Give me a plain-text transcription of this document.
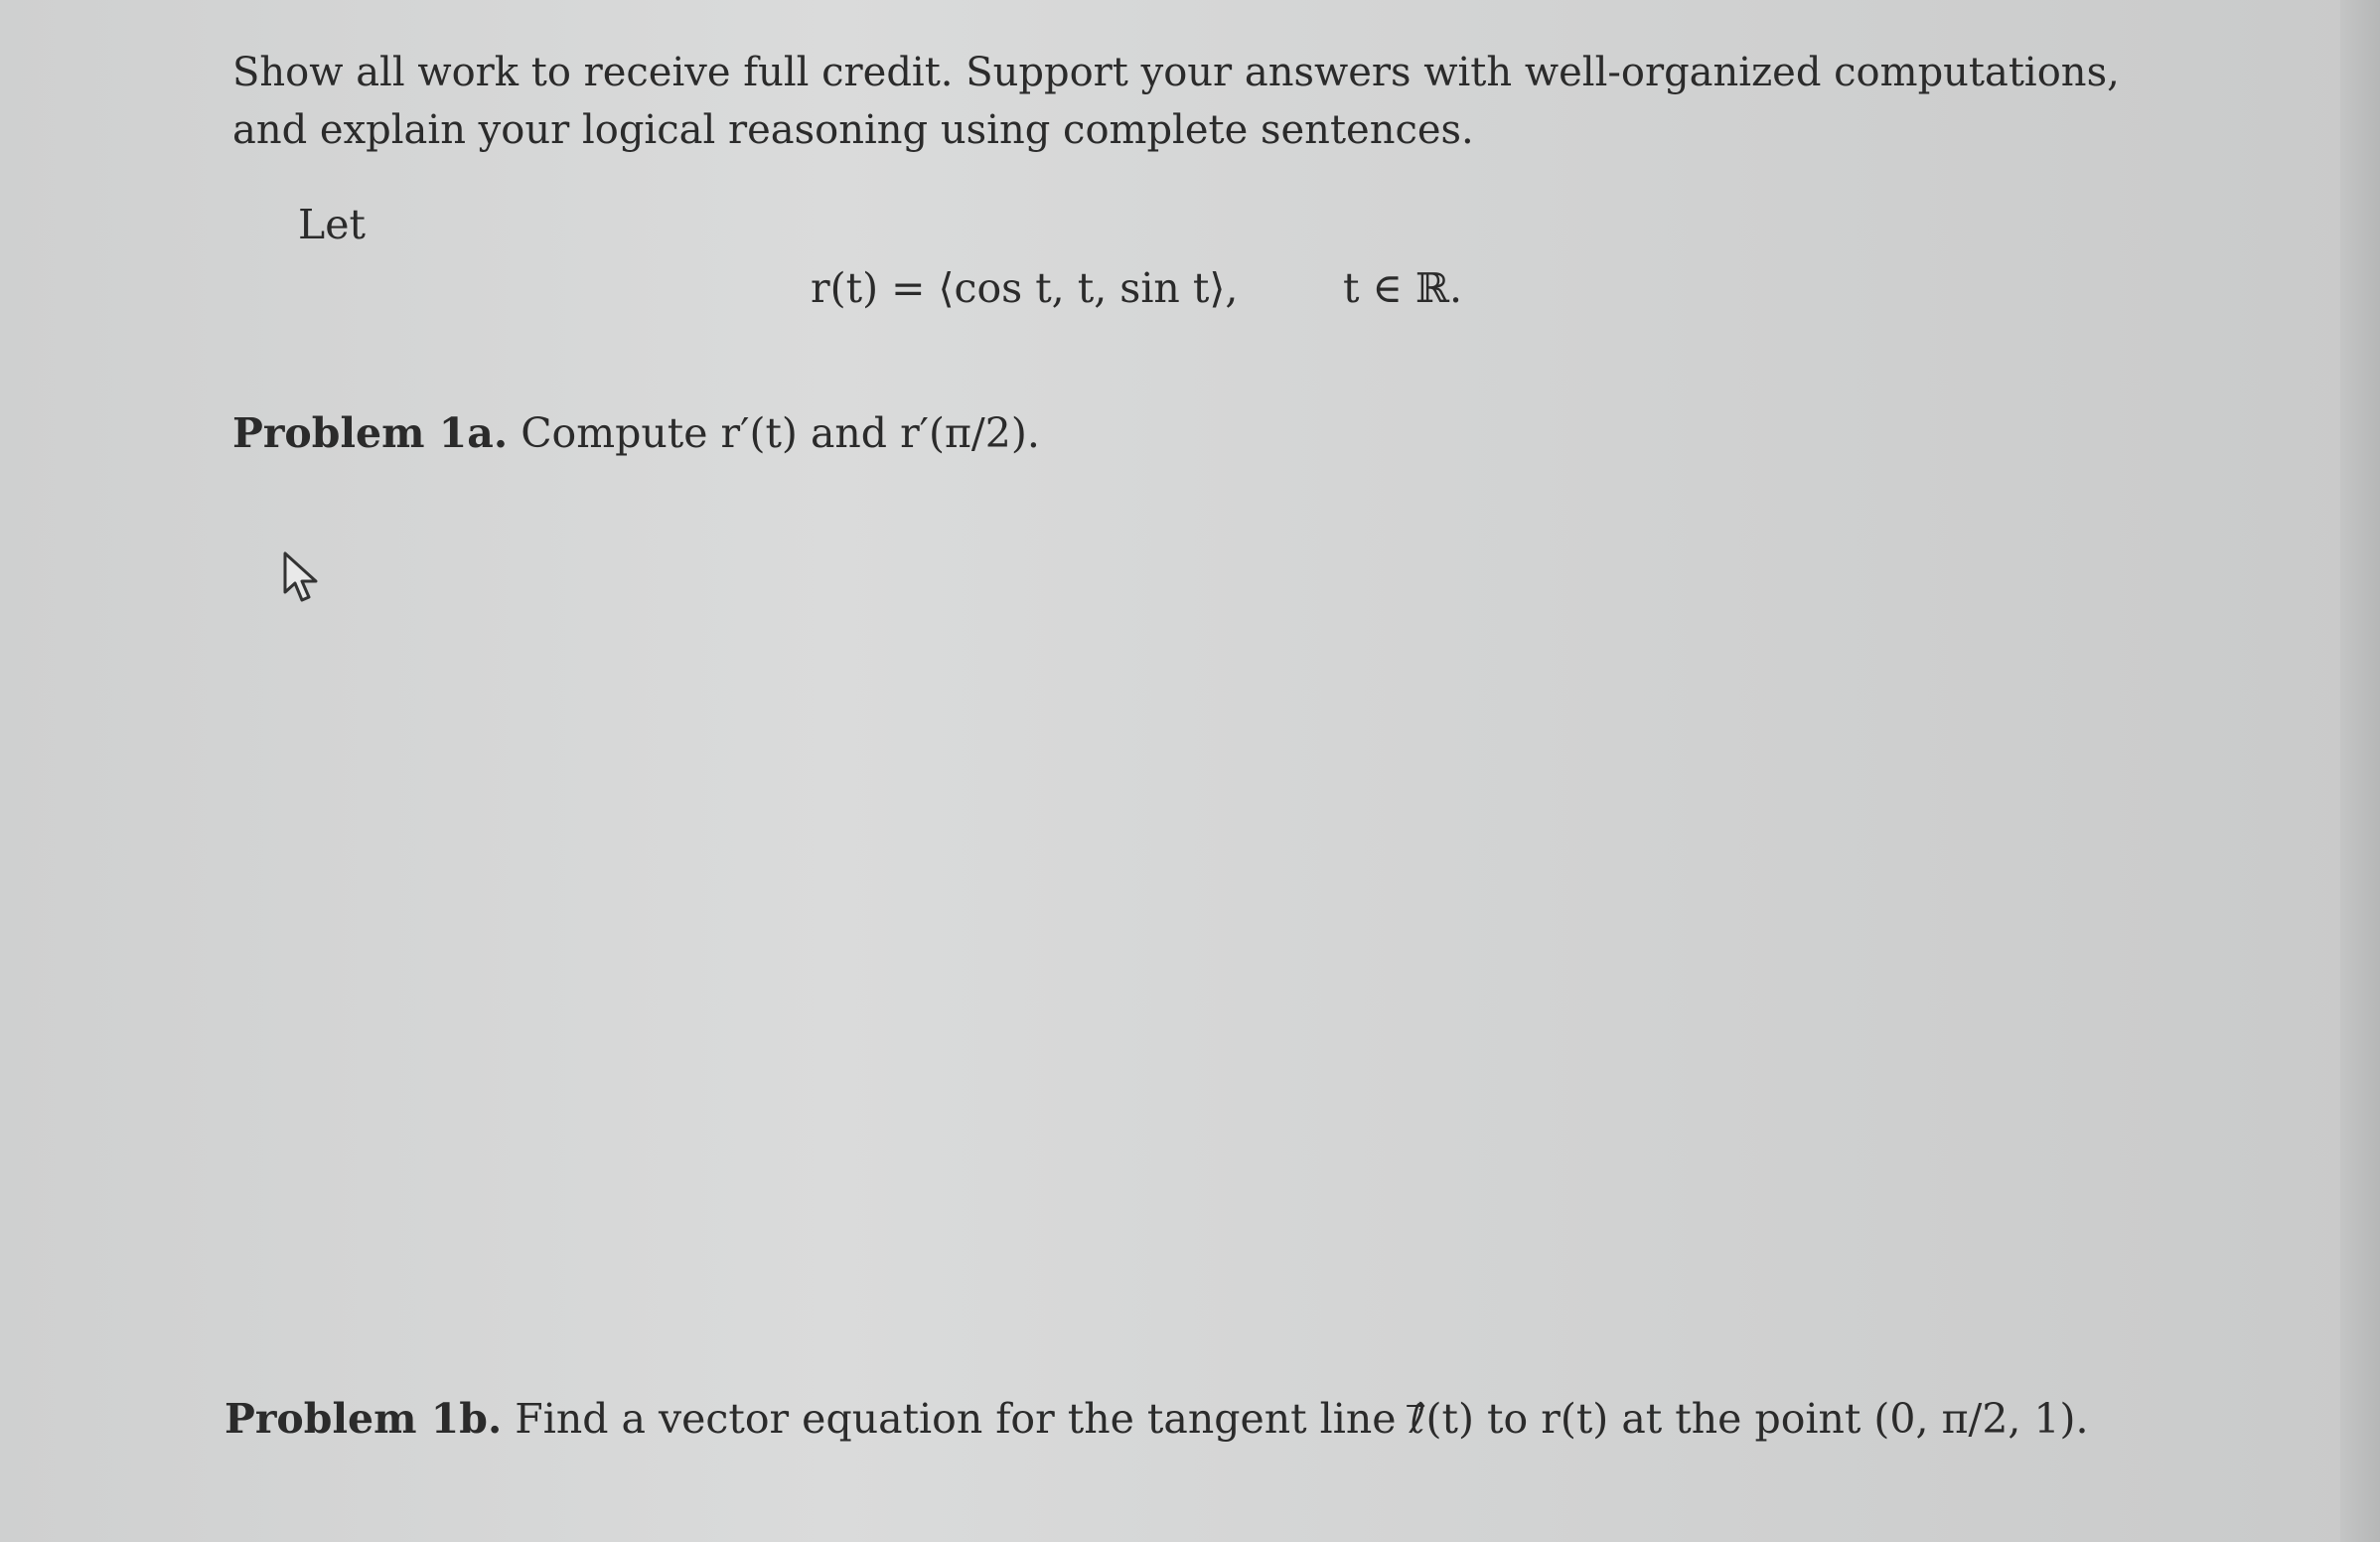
Show all work to receive full credit. Support your answers with well-organized computations,
and explain your logical reasoning using complete sentences.
Let
r(t) = ⟨cos t, t, sin t⟩,	t ∈ ℝ.
Problem 1a. Compute r′(t) and r′(π/2).
Problem 1b. Find a vector equation for the tangent line ℓ⃗(t) to r(t) at the point (0, π/2, 1).
